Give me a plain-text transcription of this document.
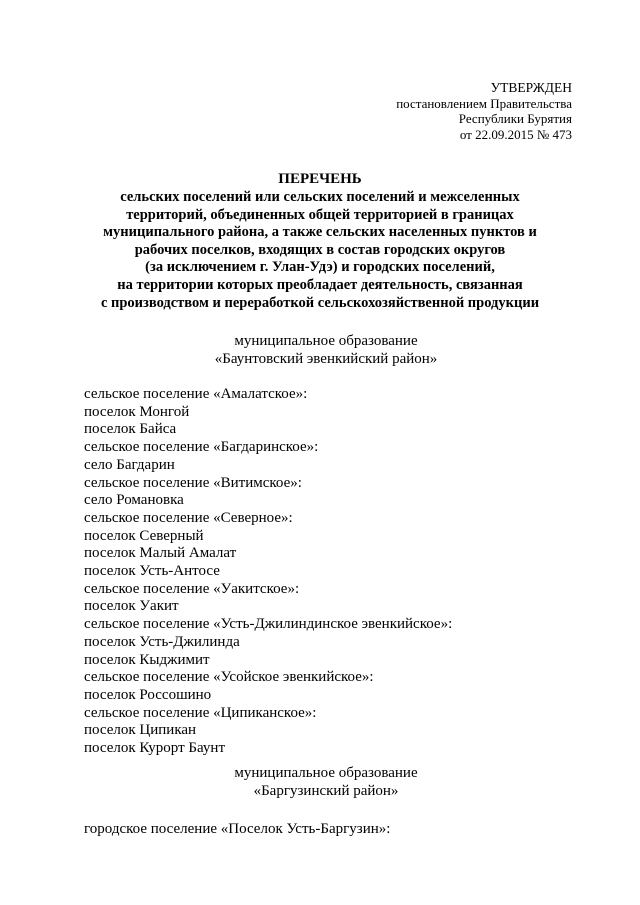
УТВЕРЖДЕН
постановлением Правительства
Республики Бурятия
от 22.09.2015 № 473
ПЕРЕЧЕНЬ
сельских поселений или сельских поселений и межселенных
территорий, объединенных общей территорией в границах
муниципального района, а также сельских населенных пунктов и
рабочих поселков, входящих в состав городских округов
(за исключением г. Улан-Удэ) и городских поселений,
на территории которых преобладает деятельность, связанная
с производством и переработкой сельскохозяйственной продукции
муниципальное образование
«Баунтовский эвенкийский район»
сельское поселение «Амалатское»:
поселок Монгой
поселок Байса
сельское поселение «Багдаринское»:
село Багдарин
сельское поселение «Витимское»:
село Романовка
сельское поселение «Северное»:
поселок Северный
поселок Малый Амалат
поселок Усть-Антосе
сельское поселение «Уакитское»:
поселок Уакит
сельское поселение «Усть-Джилиндинское эвенкийское»:
поселок Усть-Джилинда
поселок Кыджимит
сельское поселение «Усойское эвенкийское»:
поселок Россошино
сельское поселение «Ципиканское»:
поселок Ципикан
поселок Курорт Баунт
муниципальное образование
«Баргузинский район»
городское поселение «Поселок Усть-Баргузин»:
